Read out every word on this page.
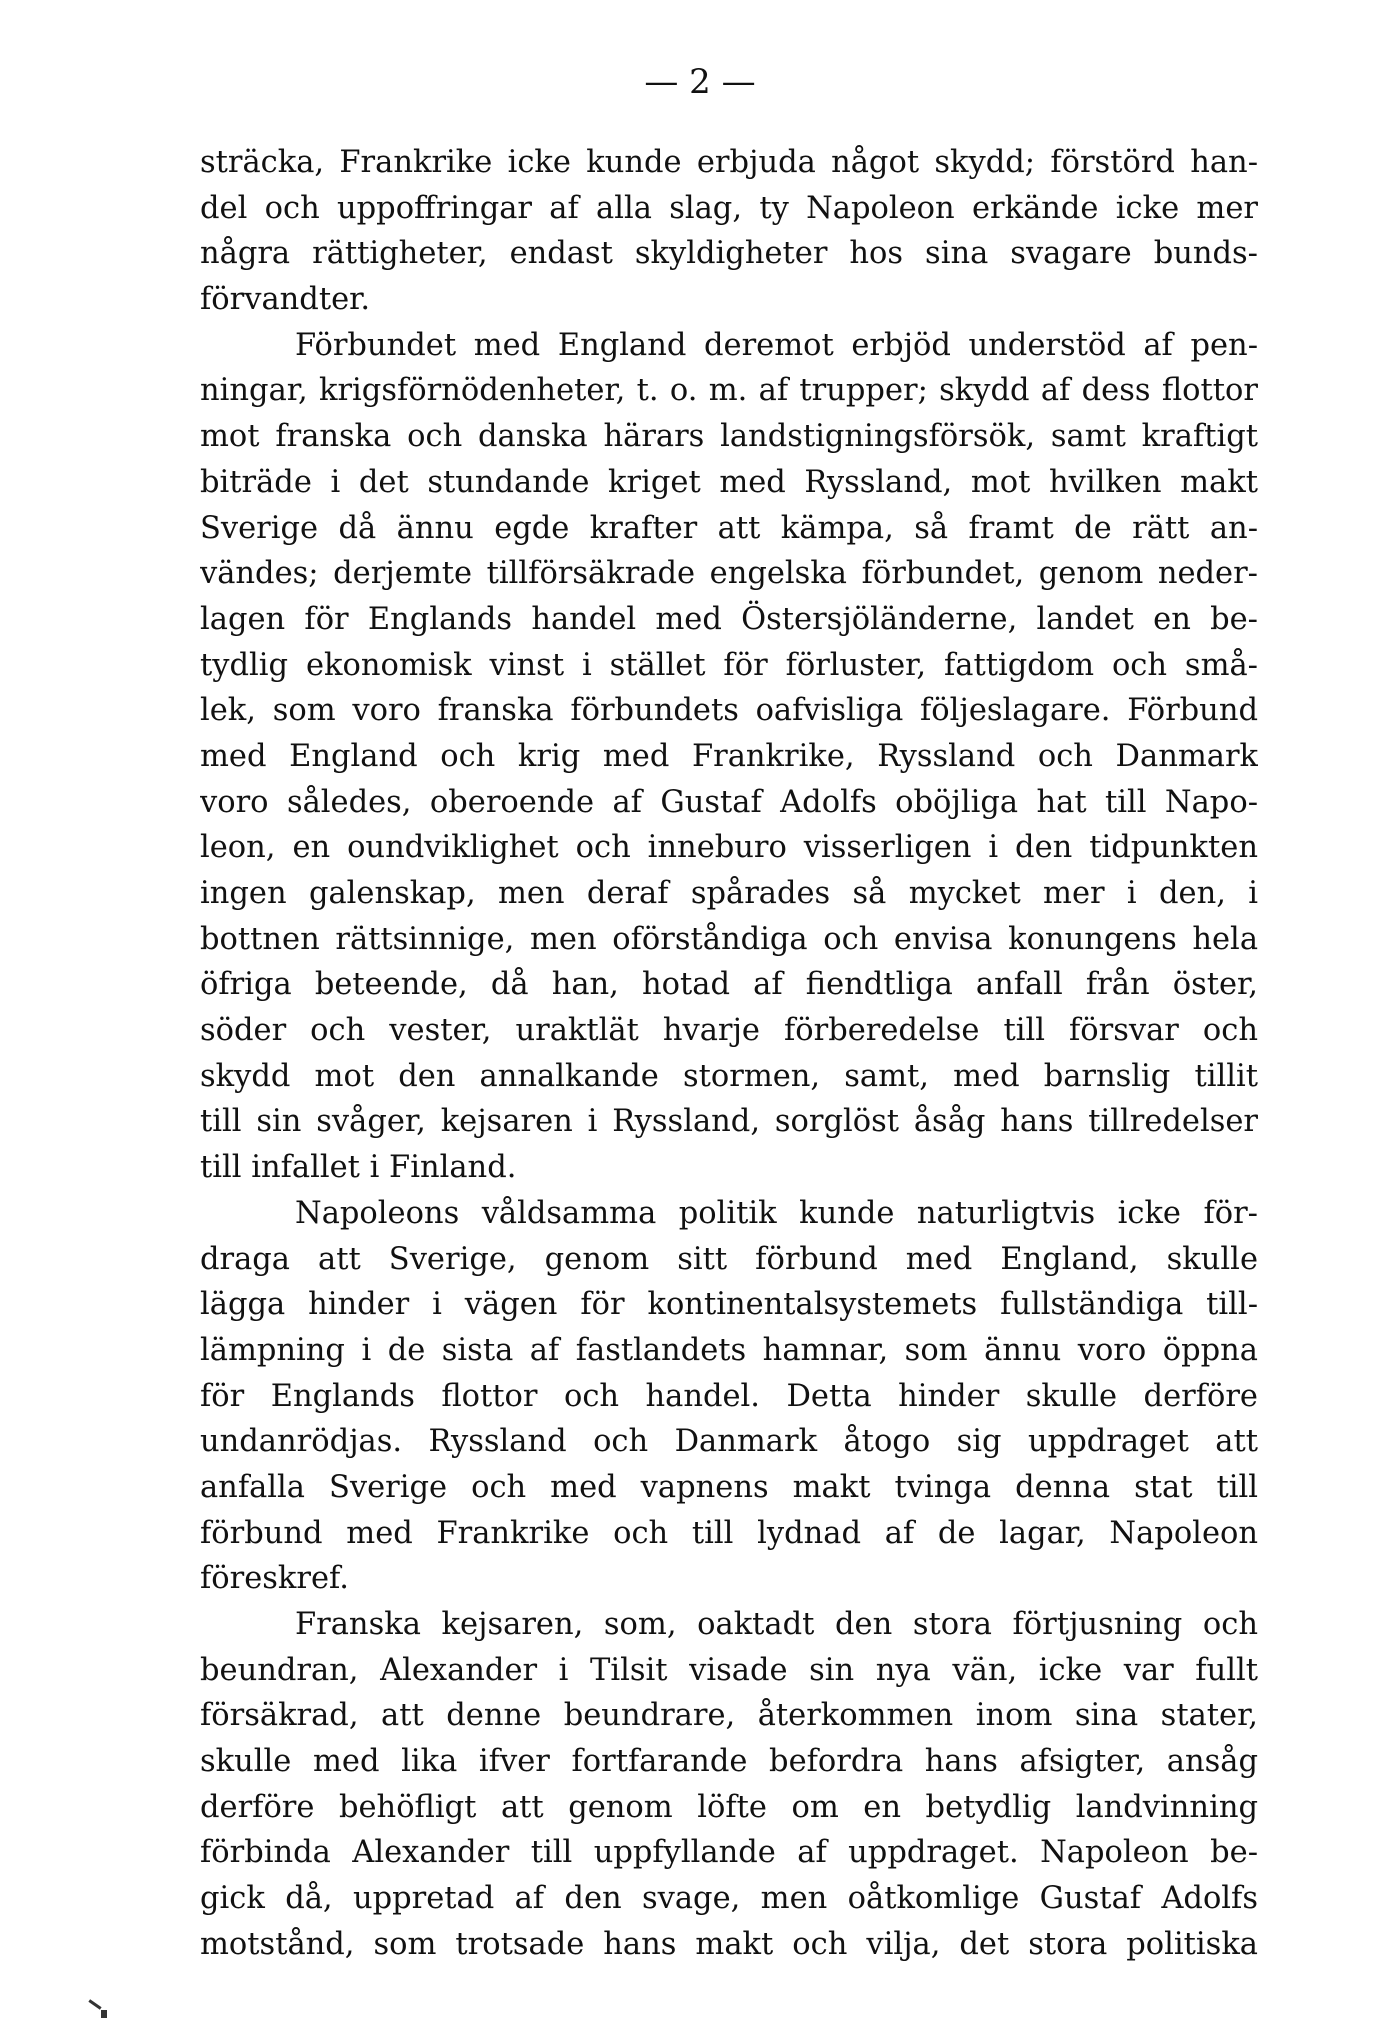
— 2 —
sträcka, Frankrike icke kunde erbjuda något skydd; förstörd han-
del och uppoffringar af alla slag, ty Napoleon erkände icke mer
några rättigheter, endast skyldigheter hos sina svagare bunds-
förvandter.
Förbundet med England deremot erbjöd understöd af pen-
ningar, krigsförnödenheter, t. o. m. af trupper; skydd af dess flottor
mot franska och danska härars landstigningsförsök, samt kraftigt
biträde i det stundande kriget med Ryssland, mot hvilken makt
Sverige då ännu egde krafter att kämpa, så framt de rätt an-
vändes; derjemte tillförsäkrade engelska förbundet, genom neder-
lagen för Englands handel med Östersjöländerne, landet en be-
tydlig ekonomisk vinst i stället för förluster, fattigdom och små-
lek, som voro franska förbundets oafvisliga följeslagare. Förbund
med England och krig med Frankrike, Ryssland och Danmark
voro således, oberoende af Gustaf Adolfs oböjliga hat till Napo-
leon, en oundviklighet och inneburo visserligen i den tidpunkten
ingen galenskap, men deraf spårades så mycket mer i den, i
bottnen rättsinnige, men oförståndiga och envisa konungens hela
öfriga beteende, då han, hotad af fiendtliga anfall från öster,
söder och vester, uraktlät hvarje förberedelse till försvar och
skydd mot den annalkande stormen, samt, med barnslig tillit
till sin svåger, kejsaren i Ryssland, sorglöst åsåg hans tillredelser
till infallet i Finland.
Napoleons våldsamma politik kunde naturligtvis icke för-
draga att Sverige, genom sitt förbund med England, skulle
lägga hinder i vägen för kontinentalsystemets fullständiga till-
lämpning i de sista af fastlandets hamnar, som ännu voro öppna
för Englands flottor och handel. Detta hinder skulle derföre
undanrödjas. Ryssland och Danmark åtogo sig uppdraget att
anfalla Sverige och med vapnens makt tvinga denna stat till
förbund med Frankrike och till lydnad af de lagar, Napoleon
föreskref.
Franska kejsaren, som, oaktadt den stora förtjusning och
beundran, Alexander i Tilsit visade sin nya vän, icke var fullt
försäkrad, att denne beundrare, återkommen inom sina stater,
skulle med lika ifver fortfarande befordra hans afsigter, ansåg
derföre behöfligt att genom löfte om en betydlig landvinning
förbinda Alexander till uppfyllande af uppdraget. Napoleon be-
gick då, uppretad af den svage, men oåtkomlige Gustaf Adolfs
motstånd, som trotsade hans makt och vilja, det stora politiska
